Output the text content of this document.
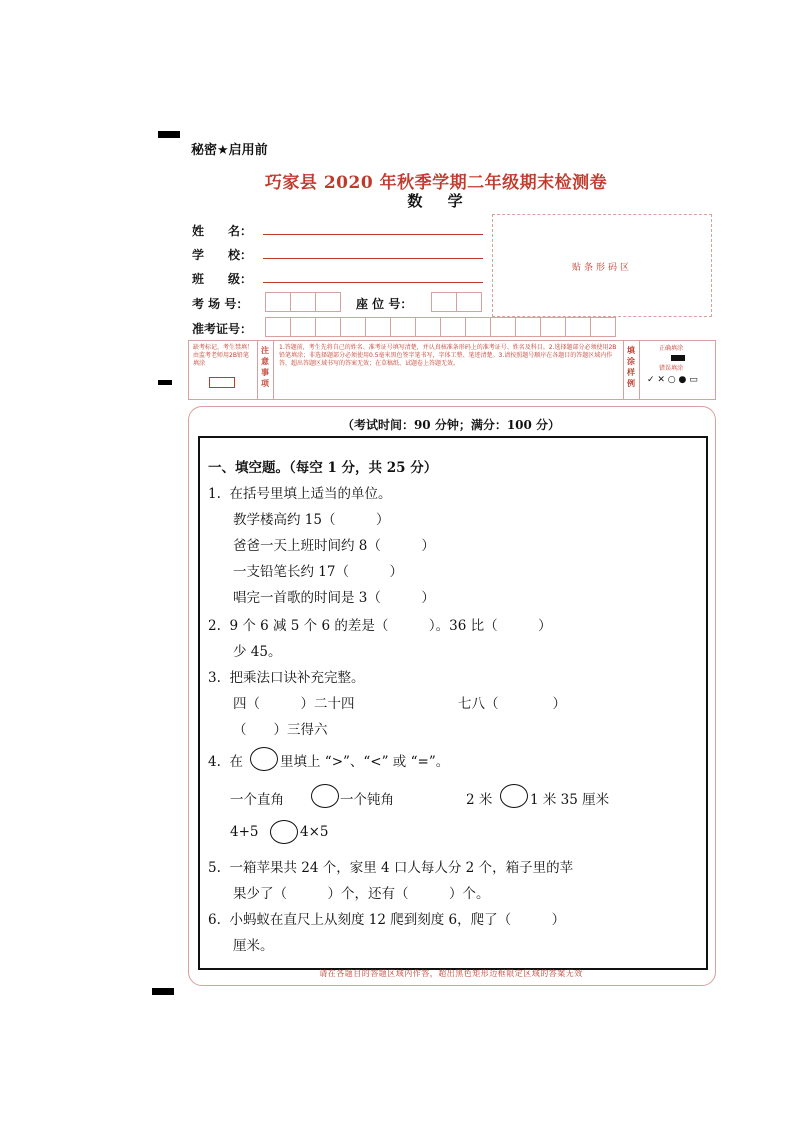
秘密★启用前
巧家县 2020 年秋季学期二年级期末检测卷
数 学
姓　　名：
学　　校：
班　　级：
考 场 号：	座 位 号：
准考证号：
贴条形码区
缺考标记，考生禁填！由监考老师用2B铅笔填涂
注意事项
1.答题前，考生先将自己的姓名、准考证号填写清楚，并认真核准条形码上的准考证号、姓名及科目。2.选择题部分必须使用2B铅笔填涂；非选择题部分必须使用0.5毫米黑色签字笔书写，字体工整、笔迹清楚。3.请按照题号顺序在各题目的答题区域内作答，超出答题区域书写的答案无效；在草稿纸、试题卷上答题无效。
填涂样例
正确填涂
错误填涂
✓ ✕ ○ ● ▭
（考试时间：90 分钟；满分：100 分）
一、填空题。（每空 1 分，共 25 分）
1.  在括号里填上适当的单位。
教学楼高约 15（　　　）
爸爸一天上班时间约 8（　　　）
一支铅笔长约 17（　　　）
唱完一首歌的时间是 3（　　　）
2.  9 个 6 减 5 个 6 的差是（　　　）。36 比（　　　）
少 45。
3.  把乘法口诀补充完整。
四（　　　）二十四	七八（　　　　）
（　　）三得六
4.  在	里填上 “>”、“<” 或 “=”。
一个直角	一个钝角	2 米	1 米 35 厘米
4+5	4×5
5.  一箱苹果共 24 个，家里 4 口人每人分 2 个，箱子里的苹
果少了（　　　）个，还有（　　　）个。
6.  小蚂蚁在直尺上从刻度 12 爬到刻度 6，爬了（　　　）
厘米。
请在各题目的答题区域内作答，超出黑色矩形边框限定区域的答案无效
